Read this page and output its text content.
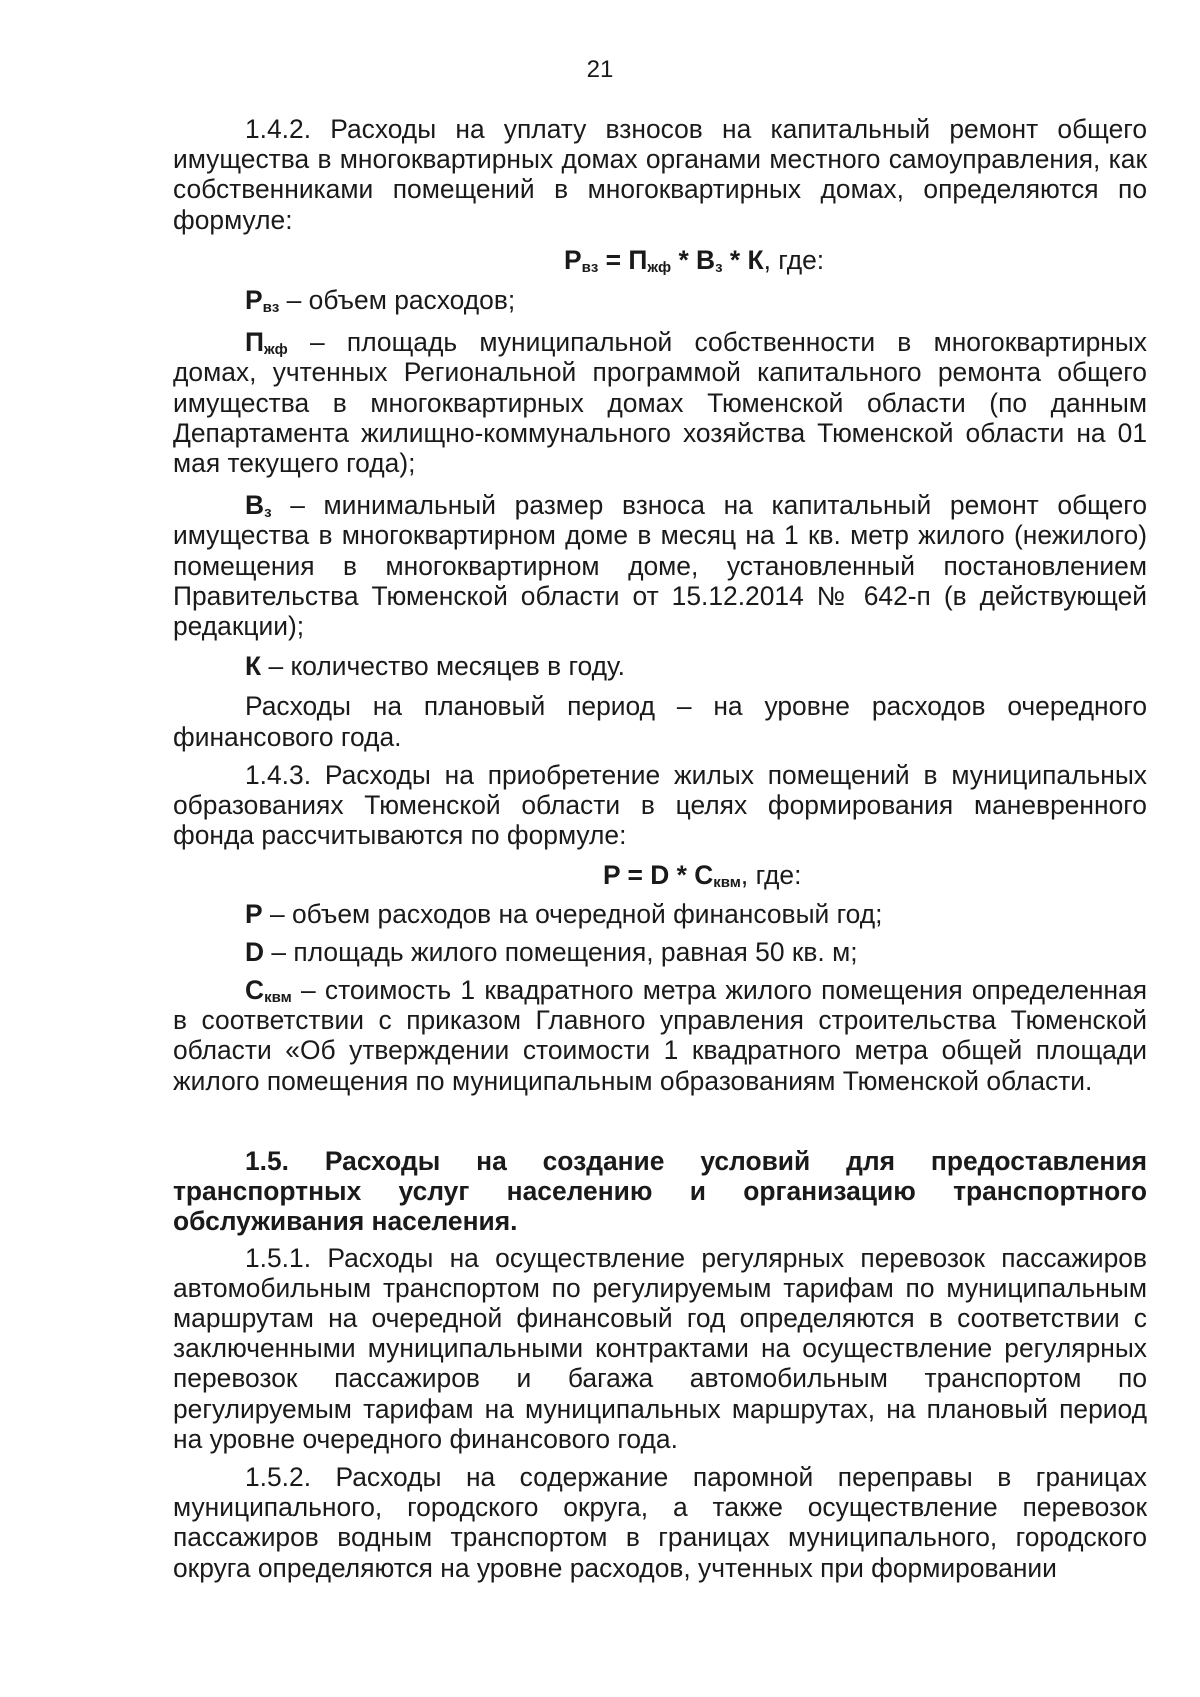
21

1.4.2. Расходы на уплату взносов на капитальный ремонт общего имущества в многоквартирных домах органами местного самоуправления, как собственниками помещений в многоквартирных домах, определяются по формуле:

$Р_{вз} = П_{жф} * В_з * К$, где:

$Р_{вз}$ – объем расходов;

$П_{жф}$ – площадь муниципальной собственности в многоквартирных домах, учтенных Региональной программой капитального ремонта общего имущества в многоквартирных домах Тюменской области (по данным Департамента жилищно-коммунального хозяйства Тюменской области на 01 мая текущего года);

$В_з$ – минимальный размер взноса на капитальный ремонт общего имущества в многоквартирном доме в месяц на 1 кв. метр жилого (нежилого) помещения в многоквартирном доме, установленный постановлением Правительства Тюменской области от 15.12.2014 № 642-п (в действующей редакции);

К – количество месяцев в году.

Расходы на плановый период – на уровне расходов очередного финансового года.

1.4.3. Расходы на приобретение жилых помещений в муниципальных образованиях Тюменской области в целях формирования маневренного фонда рассчитываются по формуле:

$P = D * С_{квм}$, где:

P – объем расходов на очередной финансовый год;

D – площадь жилого помещения, равная 50 кв. м;

$С_{квм}$ – стоимость 1 квадратного метра жилого помещения определенная в соответствии с приказом Главного управления строительства Тюменской области «Об утверждении стоимости 1 квадратного метра общей площади жилого помещения по муниципальным образованиям Тюменской области.

1.5. Расходы на создание условий для предоставления транспортных услуг населению и организацию транспортного обслуживания населения.

1.5.1. Расходы на осуществление регулярных перевозок пассажиров автомобильным транспортом по регулируемым тарифам по муниципальным маршрутам на очередной финансовый год определяются в соответствии с заключенными муниципальными контрактами на осуществление регулярных перевозок пассажиров и багажа автомобильным транспортом по регулируемым тарифам на муниципальных маршрутах, на плановый период на уровне очередного финансового года.

1.5.2. Расходы на содержание паромной переправы в границах муниципального, городского округа, а также осуществление перевозок пассажиров водным транспортом в границах муниципального, городского округа определяются на уровне расходов, учтенных при формировании
